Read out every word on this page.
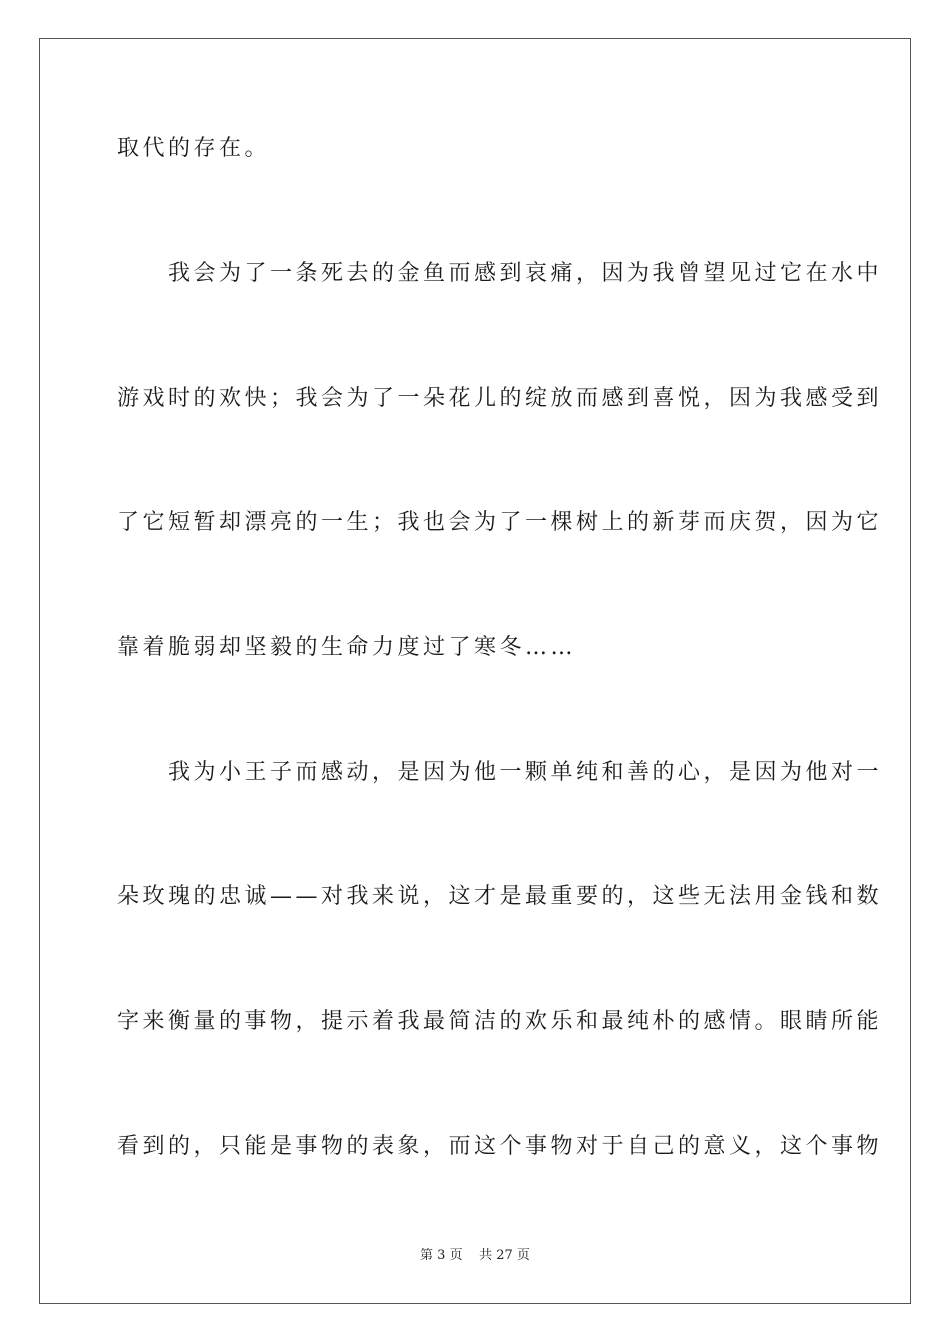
取代的存在。
　　我会为了一条死去的金鱼而感到哀痛，因为我曾望见过它在水中
游戏时的欢快；我会为了一朵花儿的绽放而感到喜悦，因为我感受到
了它短暂却漂亮的一生；我也会为了一棵树上的新芽而庆贺，因为它
靠着脆弱却坚毅的生命力度过了寒冬……
　　我为小王子而感动，是因为他一颗单纯和善的心，是因为他对一
朵玫瑰的忠诚——对我来说，这才是最重要的，这些无法用金钱和数
字来衡量的事物，提示着我最简洁的欢乐和最纯朴的感情。眼睛所能
看到的，只能是事物的表象，而这个事物对于自己的意义，这个事物
第 3 页 共 27 页
